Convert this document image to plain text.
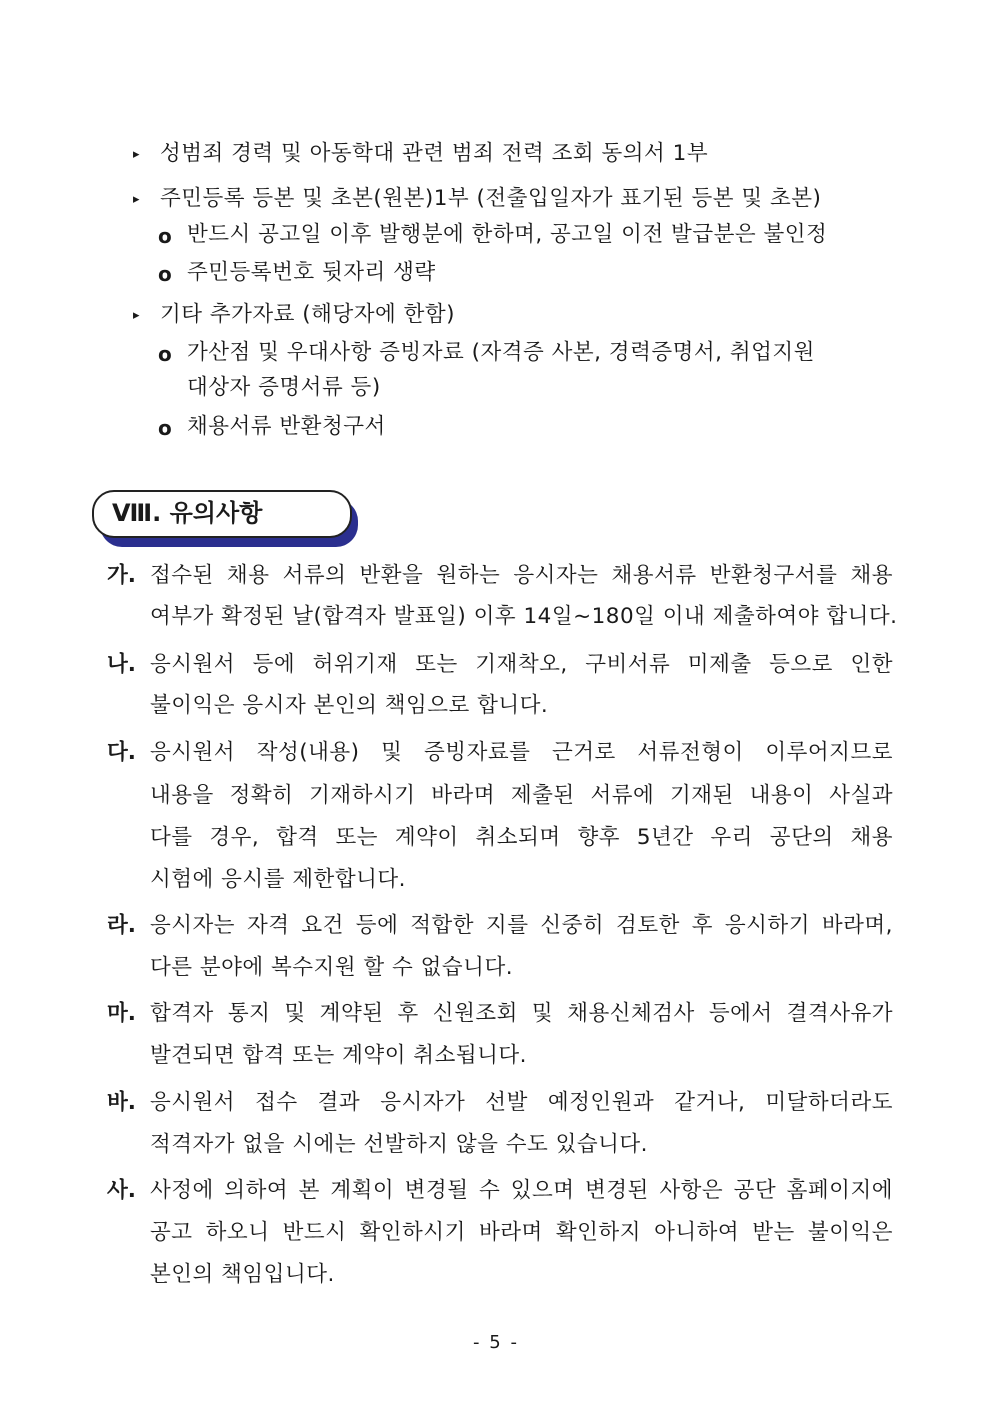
▸ 성범죄 경력 및 아동학대 관련 범죄 전력 조회 동의서 1부
▸ 주민등록 등본 및 초본(원본)1부 (전출입일자가 표기된 등본 및 초본)
o 반드시 공고일 이후 발행분에 한하며, 공고일 이전 발급분은 불인정
o 주민등록번호 뒷자리 생략
▸ 기타 추가자료 (해당자에 한함)
o 가산점 및 우대사항 증빙자료 (자격증 사본, 경력증명서, 취업지원
대상자 증명서류 등)
o 채용서류 반환청구서
Ⅷ. 유의사항
가. 접수된 채용 서류의 반환을 원하는 응시자는 채용서류 반환청구서를 채용
여부가 확정된 날(합격자 발표일) 이후 14일~180일 이내 제출하여야 합니다.
나. 응시원서 등에 허위기재 또는 기재착오, 구비서류 미제출 등으로 인한
불이익은 응시자 본인의 책임으로 합니다.
다. 응시원서 작성(내용) 및 증빙자료를 근거로 서류전형이 이루어지므로
내용을 정확히 기재하시기 바라며 제출된 서류에 기재된 내용이 사실과
다를 경우, 합격 또는 계약이 취소되며 향후 5년간 우리 공단의 채용
시험에 응시를 제한합니다.
라. 응시자는 자격 요건 등에 적합한 지를 신중히 검토한 후 응시하기 바라며,
다른 분야에 복수지원 할 수 없습니다.
마. 합격자 통지 및 계약된 후 신원조회 및 채용신체검사 등에서 결격사유가
발견되면 합격 또는 계약이 취소됩니다.
바. 응시원서 접수 결과 응시자가 선발 예정인원과 같거나, 미달하더라도
적격자가 없을 시에는 선발하지 않을 수도 있습니다.
사. 사정에 의하여 본 계획이 변경될 수 있으며 변경된 사항은 공단 홈페이지에
공고 하오니 반드시 확인하시기 바라며 확인하지 아니하여 받는 불이익은
본인의 책임입니다.
- 5 -
